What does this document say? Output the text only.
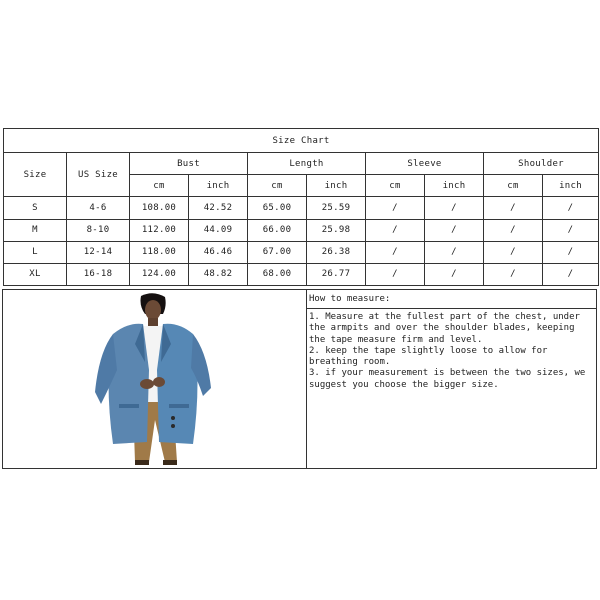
Size Chart									
Size	US Size	Bust		Length		Sleeve		Shoulder	
		cm	inch	cm	inch	cm	inch	cm	inch
S	4-6	108.00	42.52	65.00	25.59	/	/	/	/
M	8-10	112.00	44.09	66.00	25.98	/	/	/	/
L	12-14	118.00	46.46	67.00	26.38	/	/	/	/
XL	16-18	124.00	48.82	68.00	26.77	/	/	/	/
How to measure:
1. Measure at the fullest part of the chest, under the armpits and over the shoulder blades, keeping the tape measure firm and level.
2. keep the tape slightly loose to allow for breathing room.
3. if your measurement is between the two sizes, we suggest you choose the bigger size.
